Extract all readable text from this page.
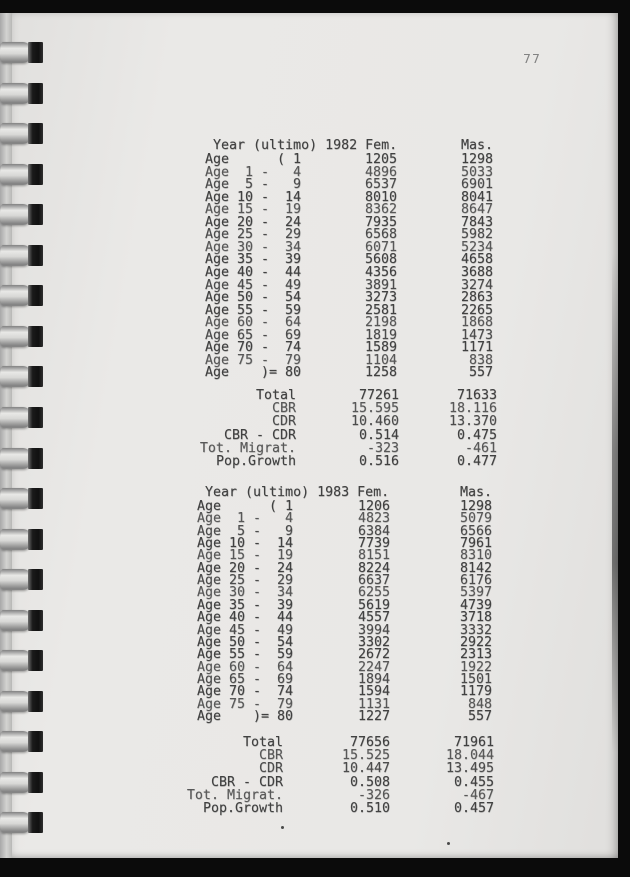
77
Year (ultimo) 1982 Fem.	Mas.
Age      ( 1	1205	1298
Age  1 -   4	4896	5033
Age  5 -   9	6537	6901
Age 10 -  14	8010	8041
Age 15 -  19	8362	8647
Age 20 -  24	7935	7843
Age 25 -  29	6568	5982
Age 30 -  34	6071	5234
Age 35 -  39	5608	4658
Age 40 -  44	4356	3688
Age 45 -  49	3891	3274
Age 50 -  54	3273	2863
Age 55 -  59	2581	2265
Age 60 -  64	2198	1868
Age 65 -  69	1819	1473
Age 70 -  74	1589	1171
Age 75 -  79	1104	838
Age    )= 80	1258	557
Total	77261	71633
CBR	15.595	18.116
CDR	10.460	13.370
CBR - CDR	0.514	0.475
Tot. Migrat.	-323	-461
Pop.Growth	0.516	0.477
Year (ultimo) 1983 Fem.	Mas.
Age      ( 1	1206	1298
Age  1 -   4	4823	5079
Age  5 -   9	6384	6566
Age 10 -  14	7739	7961
Age 15 -  19	8151	8310
Age 20 -  24	8224	8142
Age 25 -  29	6637	6176
Age 30 -  34	6255	5397
Age 35 -  39	5619	4739
Age 40 -  44	4557	3718
Age 45 -  49	3994	3332
Age 50 -  54	3302	2922
Age 55 -  59	2672	2313
Age 60 -  64	2247	1922
Age 65 -  69	1894	1501
Age 70 -  74	1594	1179
Age 75 -  79	1131	848
Age    )= 80	1227	557
Total	77656	71961
CBR	15.525	18.044
CDR	10.447	13.495
CBR - CDR	0.508	0.455
Tot. Migrat.	-326	-467
Pop.Growth	0.510	0.457
